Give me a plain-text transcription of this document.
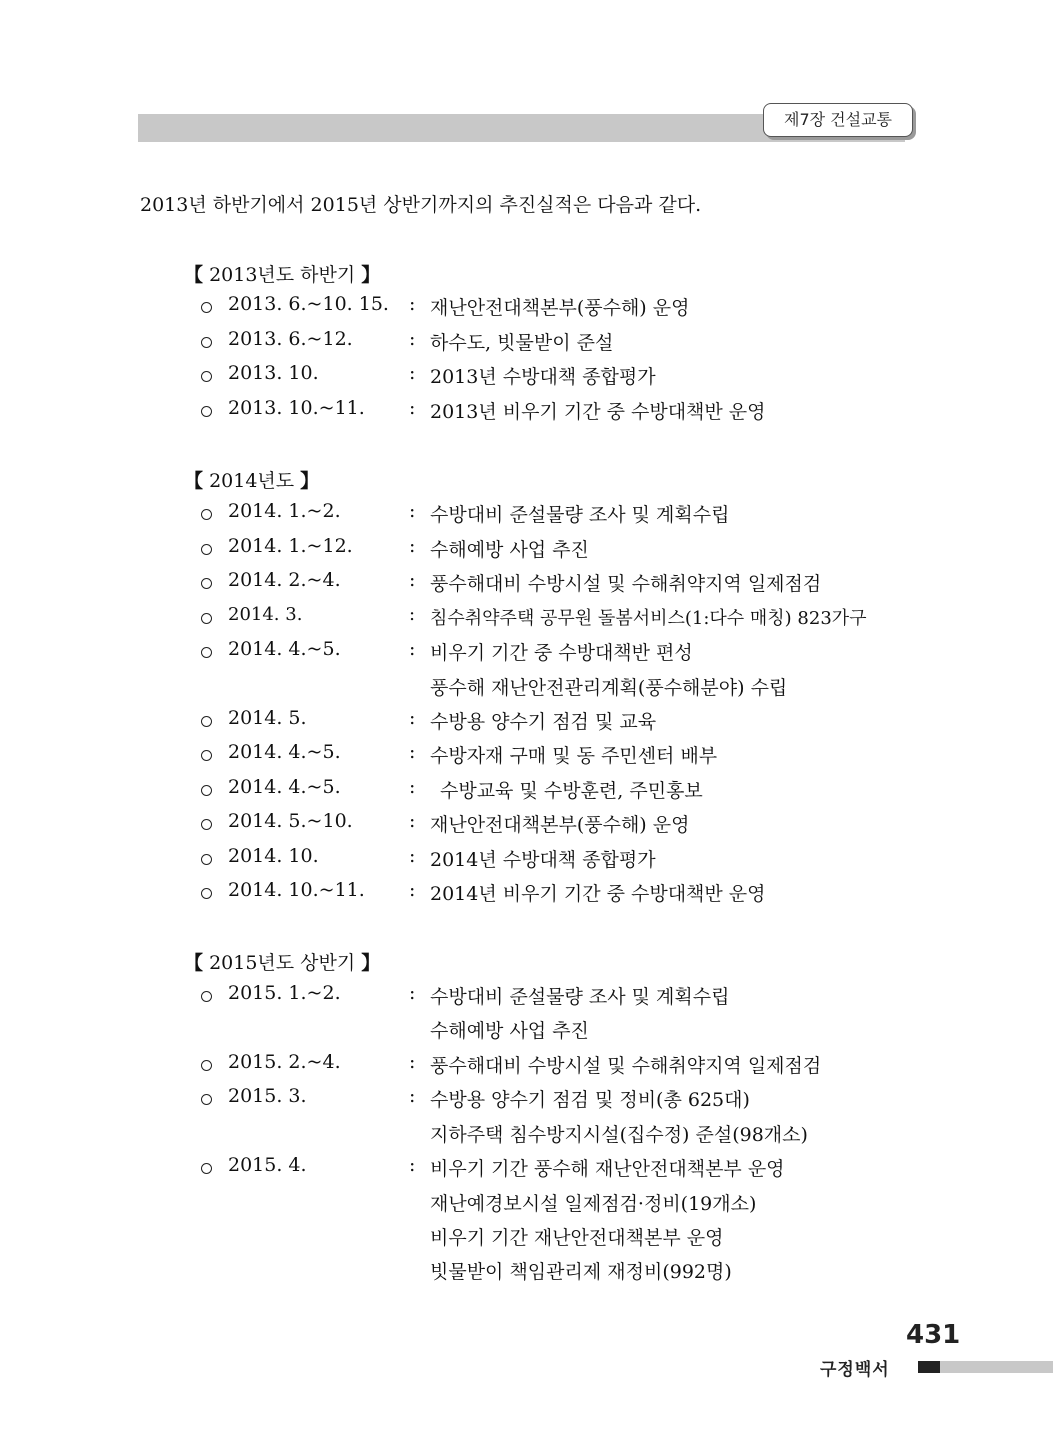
제7장 건설교통
2013년 하반기에서 2015년 상반기까지의 추진실적은 다음과 같다.
【 2013년도 하반기 】
2013. 6.~10. 15. : 재난안전대책본부(풍수해) 운영
2013. 6.~12.	: 하수도, 빗물받이 준설
2013. 10.	: 2013년 수방대책 종합평가
2013. 10.~11. : 2013년 비우기 기간 중 수방대책반 운영
【 2014년도 】
2014. 1.~2.	: 수방대비 준설물량 조사 및 계획수립
2014. 1.~12.	: 수해예방 사업 추진
2014. 2.~4.	: 풍수해대비 수방시설 및 수해취약지역 일제점검
2014. 3.	: 침수취약주택 공무원 돌봄서비스(1:다수 매칭) 823가구
2014. 4.~5.	: 비우기 기간 중 수방대책반 편성
풍수해 재난안전관리계획(풍수해분야) 수립
2014. 5.	: 수방용 양수기 점검 및 교육
2014. 4.~5.	: 수방자재 구매 및 동 주민센터 배부
2014. 4.~5.	: 수방교육 및 수방훈련, 주민홍보
2014. 5.~10.	: 재난안전대책본부(풍수해) 운영
2014. 10.	: 2014년 수방대책 종합평가
2014. 10.~11. : 2014년 비우기 기간 중 수방대책반 운영
【 2015년도 상반기 】
2015. 1.~2.	: 수방대비 준설물량 조사 및 계획수립
수해예방 사업 추진
2015. 2.~4.	: 풍수해대비 수방시설 및 수해취약지역 일제점검
2015. 3.	: 수방용 양수기 점검 및 정비(총 625대)
지하주택 침수방지시설(집수정) 준설(98개소)
2015. 4.	: 비우기 기간 풍수해 재난안전대책본부 운영
재난예경보시설 일제점검·정비(19개소)
비우기 기간 재난안전대책본부 운영
빗물받이 책임관리제 재정비(992명)
431
구정백서
